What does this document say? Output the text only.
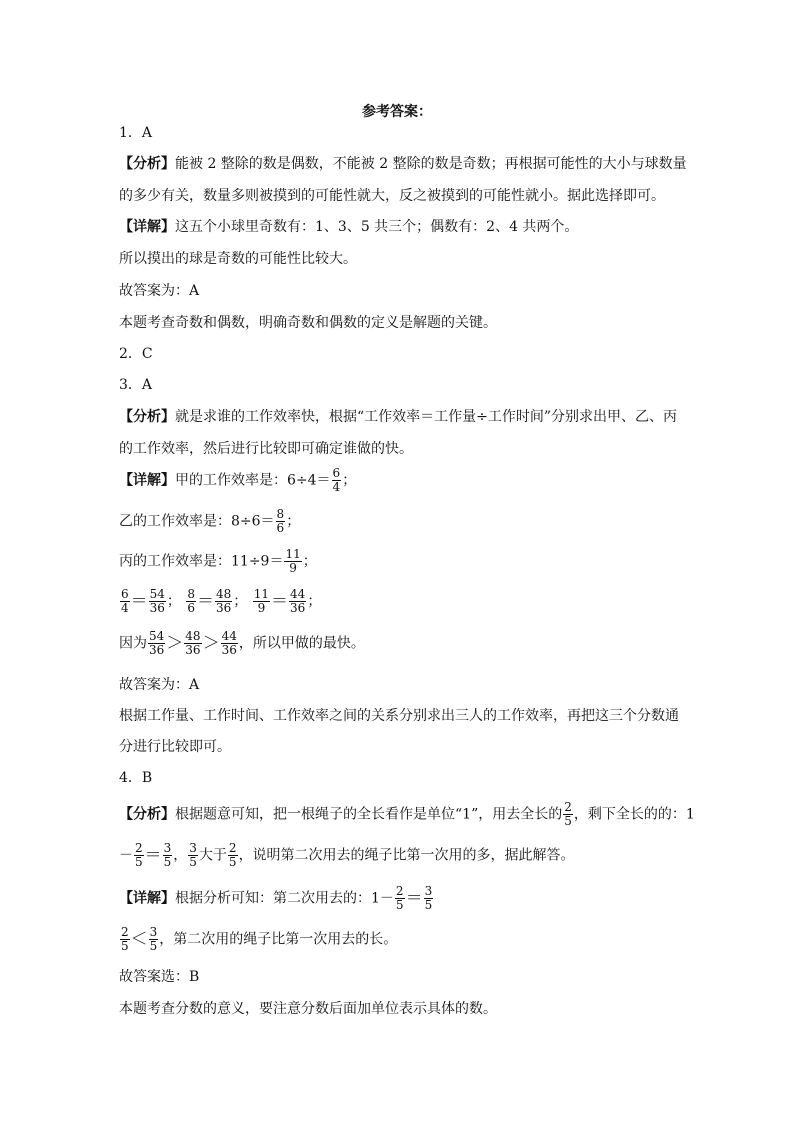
参考答案：
1．A
【分析】能被 2 整除的数是偶数，不能被 2 整除的数是奇数；再根据可能性的大小与球数量
的多少有关，数量多则被摸到的可能性就大，反之被摸到的可能性就小。据此选择即可。
【详解】这五个小球里奇数有：1、3、5 共三个；偶数有：2、4 共两个。
所以摸出的球是奇数的可能性比较大。
故答案为：A
本题考查奇数和偶数，明确奇数和偶数的定义是解题的关键。
2．C
3．A
【分析】就是求谁的工作效率快，根据“工作效率＝工作量÷工作时间”分别求出甲、乙、丙
的工作效率，然后进行比较即可确定谁做的快。
【详解】甲的工作效率是：$6\div 4= \frac{6}{4}$ ；
乙的工作效率是：$8\div 6= \frac{8}{6}$ ；
丙的工作效率是：$11\div 9= \frac{11}{9}$ ；
$\frac{6}{4} = \frac{54}{36}$ ； $\frac{8}{6} = \frac{48}{36}$ ； $\frac{11}{9} = \frac{44}{36}$ ；
因为 $\frac{54}{36} > \frac{48}{36} > \frac{44}{36}$ ，所以甲做的最快。
故答案为：A
根据工作量、工作时间、工作效率之间的关系分别求出三人的工作效率，再把这三个分数通
分进行比较即可。
4．B
【分析】根据题意可知，把一根绳子的全长看作是单位“1”，用去全长的 $\frac{2}{5}$ ，剩下全长的的：1
－ $\frac{2}{5} = \frac{3}{5}$ ， $\frac{3}{5}$ 大于 $\frac{2}{5}$ ，说明第二次用去的绳子比第一次用的多，据此解答。
【详解】根据分析可知：第二次用去的：$1- \frac{2}{5} = \frac{3}{5}$
$\frac{2}{5} < \frac{3}{5}$ ，第二次用的绳子比第一次用去的长。
故答案选：B
本题考查分数的意义，要注意分数后面加单位表示具体的数。
